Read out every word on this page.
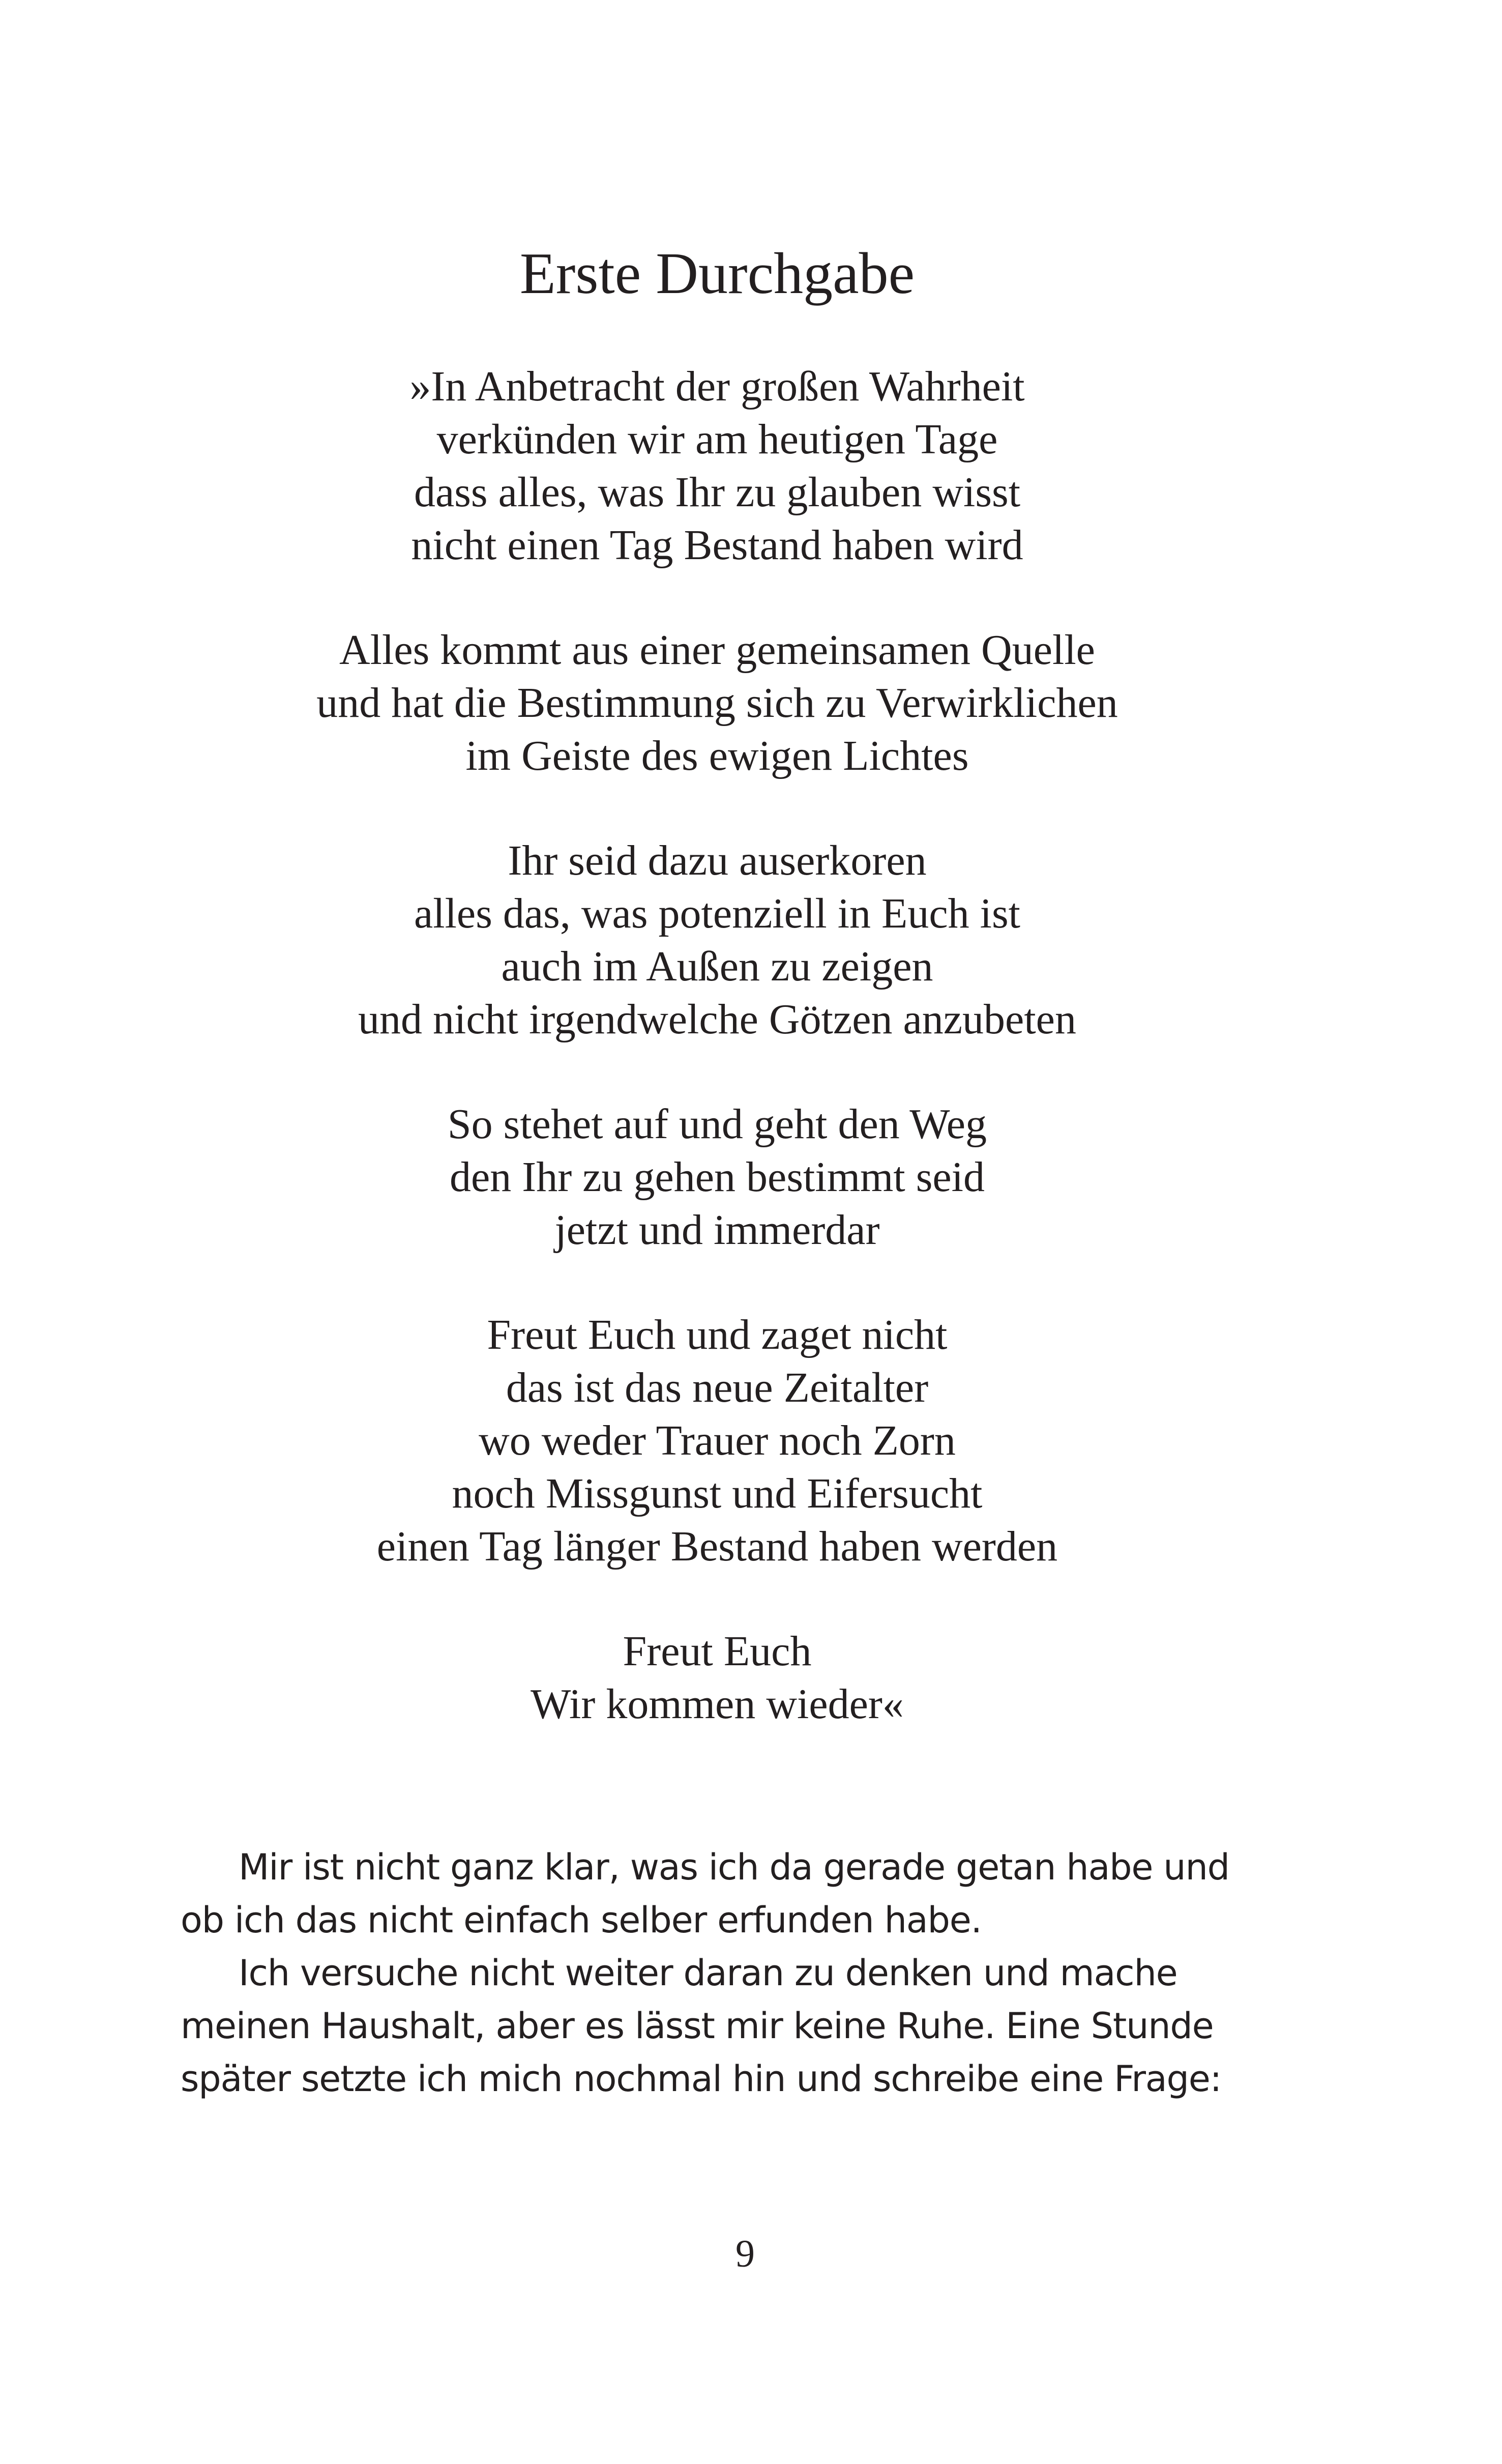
Erste Durchgabe
»In Anbetracht der großen Wahrheit
verkünden wir am heutigen Tage
dass alles, was Ihr zu glauben wisst
nicht einen Tag Bestand haben wird
Alles kommt aus einer gemeinsamen Quelle
und hat die Bestimmung sich zu Verwirklichen
im Geiste des ewigen Lichtes
Ihr seid dazu auserkoren
alles das, was potenziell in Euch ist
auch im Außen zu zeigen
und nicht irgendwelche Götzen anzubeten
So stehet auf und geht den Weg
den Ihr zu gehen bestimmt seid
jetzt und immerdar
Freut Euch und zaget nicht
das ist das neue Zeitalter
wo weder Trauer noch Zorn
noch Missgunst und Eifersucht
einen Tag länger Bestand haben werden
Freut Euch
Wir kommen wieder«

Mir ist nicht ganz klar, was ich da gerade getan habe und ob ich das nicht einfach selber erfunden habe.

Ich versuche nicht weiter daran zu denken und mache meinen Haushalt, aber es lässt mir keine Ruhe. Eine Stunde später setzte ich mich nochmal hin und schreibe eine Frage:

9
